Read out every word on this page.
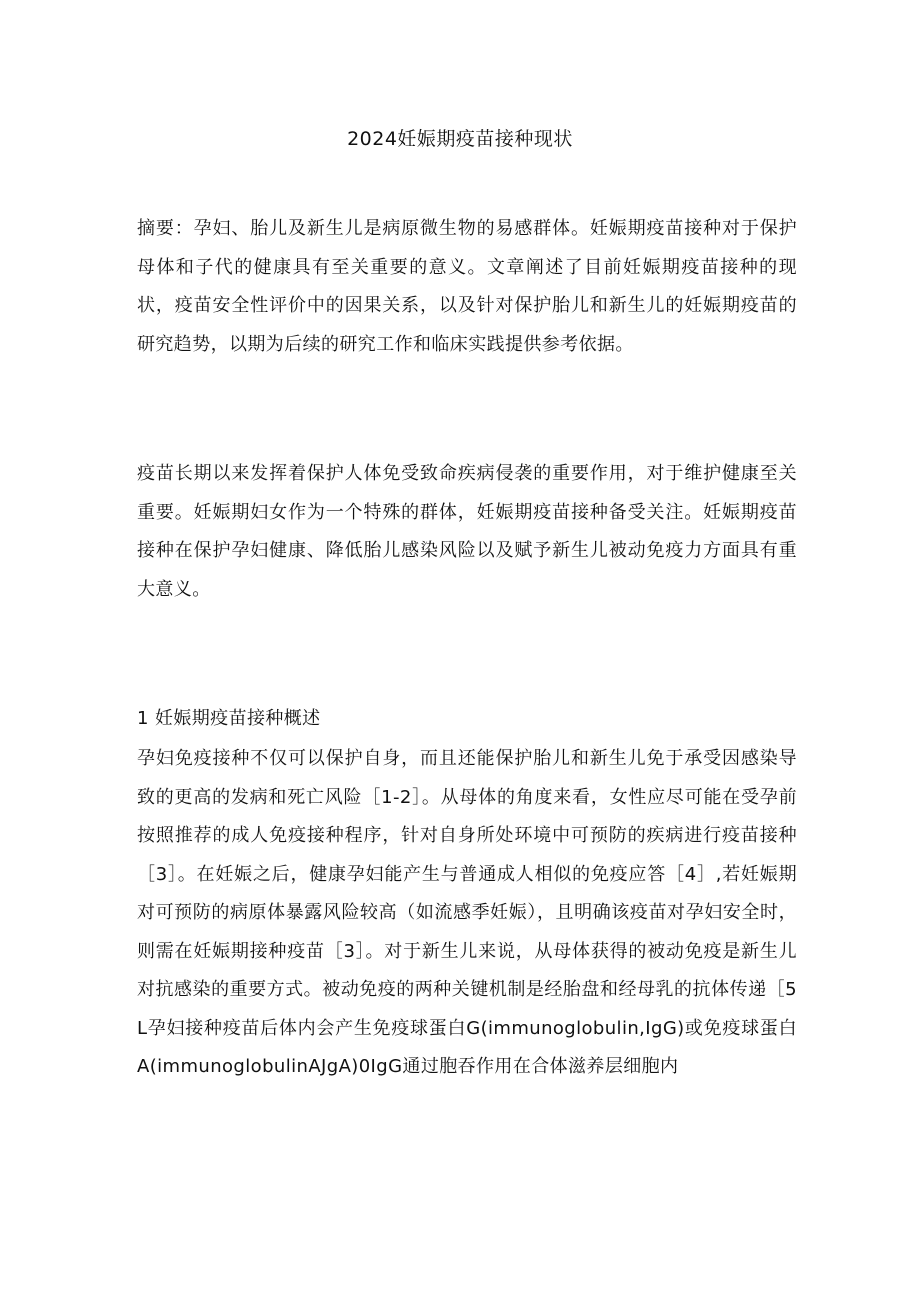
2024妊娠期疫苗接种现状

摘要：孕妇、胎儿及新生儿是病原微生物的易感群体。妊娠期疫苗接种对于保护母体和子代的健康具有至关重要的意义。文章阐述了目前妊娠期疫苗接种的现状，疫苗安全性评价中的因果关系，以及针对保护胎儿和新生儿的妊娠期疫苗的研究趋势，以期为后续的研究工作和临床实践提供参考依据。

疫苗长期以来发挥着保护人体免受致命疾病侵袭的重要作用，对于维护健康至关重要。妊娠期妇女作为一个特殊的群体，妊娠期疫苗接种备受关注。妊娠期疫苗接种在保护孕妇健康、降低胎儿感染风险以及赋予新生儿被动免疫力方面具有重大意义。

1 妊娠期疫苗接种概述

孕妇免疫接种不仅可以保护自身，而且还能保护胎儿和新生儿免于承受因感染导致的更高的发病和死亡风险［1-2］。从母体的角度来看，女性应尽可能在受孕前按照推荐的成人免疫接种程序，针对自身所处环境中可预防的疾病进行疫苗接种［3］。在妊娠之后，健康孕妇能产生与普通成人相似的免疫应答［4］,若妊娠期对可预防的病原体暴露风险较高（如流感季妊娠），且明确该疫苗对孕妇安全时，则需在妊娠期接种疫苗［3］。对于新生儿来说，从母体获得的被动免疫是新生儿对抗感染的重要方式。被动免疫的两种关键机制是经胎盘和经母乳的抗体传递［5L孕妇接种疫苗后体内会产生免疫球蛋白G(immunoglobulin,IgG)或免疫球蛋白A(immunoglobulinAJgA)0IgG通过胞吞作用在合体滋养层细胞内
